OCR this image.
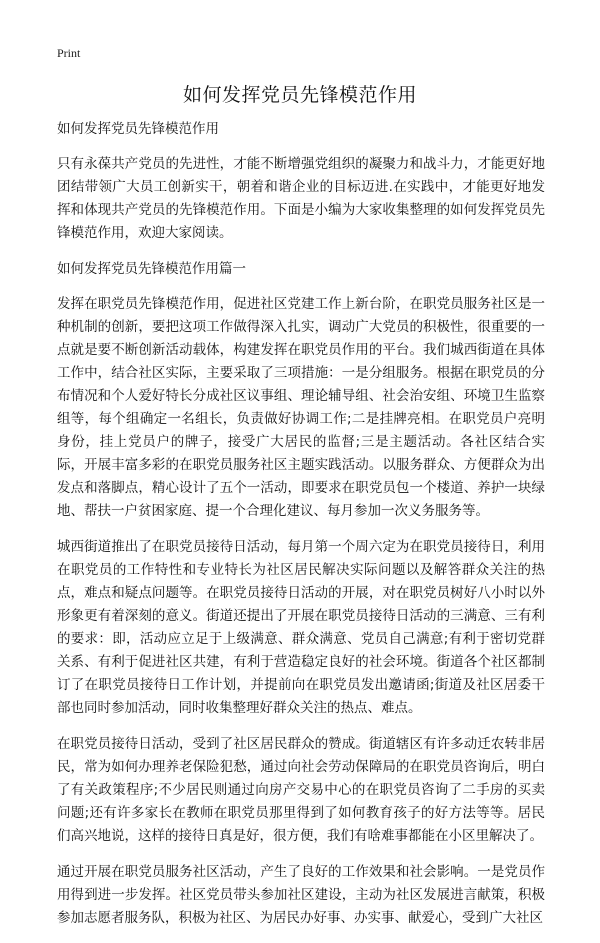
Print
如何发挥党员先锋模范作用

如何发挥党员先锋模范作用

只有永葆共产党员的先进性，才能不断增强党组织的凝聚力和战斗力，才能更好地团结带领广大员工创新实干，朝着和谐企业的目标迈进.在实践中，才能更好地发挥和体现共产党员的先锋模范作用。下面是小编为大家收集整理的如何发挥党员先锋模范作用，欢迎大家阅读。

如何发挥党员先锋模范作用篇一

发挥在职党员先锋模范作用，促进社区党建工作上新台阶，在职党员服务社区是一种机制的创新，要把这项工作做得深入扎实，调动广大党员的积极性，很重要的一点就是要不断创新活动载体，构建发挥在职党员作用的平台。我们城西街道在具体工作中，结合社区实际，主要采取了三项措施：一是分组服务。根据在职党员的分布情况和个人爱好特长分成社区议事组、理论辅导组、社会治安组、环境卫生监察组等，每个组确定一名组长，负责做好协调工作;二是挂牌亮相。在职党员户亮明身份，挂上党员户的牌子，接受广大居民的监督;三是主题活动。各社区结合实际，开展丰富多彩的在职党员服务社区主题实践活动。以服务群众、方便群众为出发点和落脚点，精心设计了五个一活动，即要求在职党员包一个楼道、养护一块绿地、帮扶一户贫困家庭、提一个合理化建议、每月参加一次义务服务等。

城西街道推出了在职党员接待日活动，每月第一个周六定为在职党员接待日，利用在职党员的工作特性和专业特长为社区居民解决实际问题以及解答群众关注的热点，难点和疑点问题等。在职党员接待日活动的开展，对在职党员树好八小时以外形象更有着深刻的意义。街道还提出了开展在职党员接待日活动的三满意、三有利的要求：即，活动应立足于上级满意、群众满意、党员自己满意;有利于密切党群关系、有利于促进社区共建，有利于营造稳定良好的社会环境。街道各个社区都制订了在职党员接待日工作计划，并提前向在职党员发出邀请函;街道及社区居委干部也同时参加活动，同时收集整理好群众关注的热点、难点。

在职党员接待日活动，受到了社区居民群众的赞成。街道辖区有许多动迁农转非居民，常为如何办理养老保险犯愁，通过向社会劳动保障局的在职党员咨询后，明白了有关政策程序;不少居民则通过向房产交易中心的在职党员咨询了二手房的买卖问题;还有许多家长在教师在职党员那里得到了如何教育孩子的好方法等等。居民们高兴地说，这样的接待日真是好，很方便，我们有啥难事都能在小区里解决了。

通过开展在职党员服务社区活动，产生了良好的工作效果和社会影响。一是党员作用得到进一步发挥。社区党员带头参加社区建设，主动为社区发展进言献策，积极参加志愿者服务队，积极为社区、为居民办好事、办实事、献爱心，受到广大社区
